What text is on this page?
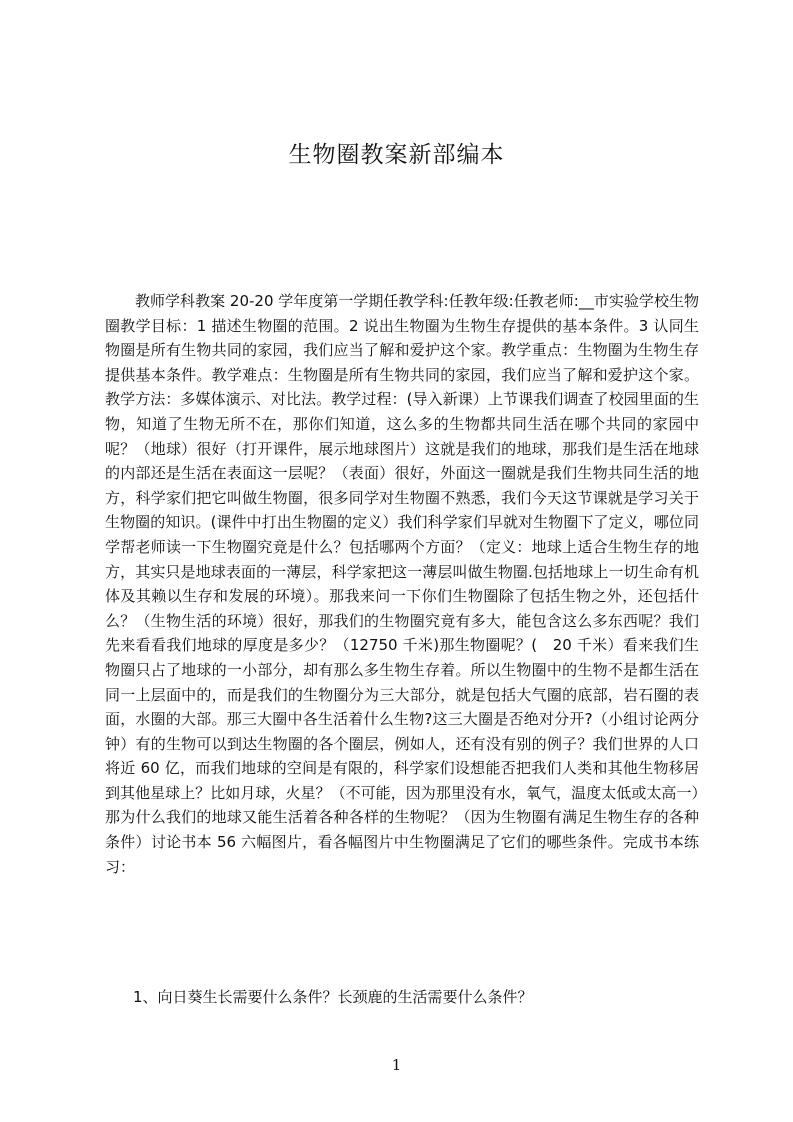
生物圈教案新部编本

教师学科教案 20-20 学年度第一学期任教学科:任教年级:任教老师:__市实验学校生物圈教学目标：1 描述生物圈的范围。2 说出生物圈为生物生存提供的基本条件。3 认同生物圈是所有生物共同的家园，我们应当了解和爱护这个家。教学重点：生物圈为生物生存提供基本条件。教学难点：生物圈是所有生物共同的家园，我们应当了解和爱护这个家。教学方法：多媒体演示、对比法。教学过程：(导入新课）上节课我们调查了校园里面的生物，知道了生物无所不在，那你们知道，这么多的生物都共同生活在哪个共同的家园中呢？（地球）很好（打开课件，展示地球图片）这就是我们的地球，那我们是生活在地球的内部还是生活在表面这一层呢？（表面）很好，外面这一圈就是我们生物共同生活的地方，科学家们把它叫做生物圈，很多同学对生物圈不熟悉，我们今天这节课就是学习关于生物圈的知识。(课件中打出生物圈的定义）我们科学家们早就对生物圈下了定义，哪位同学帮老师读一下生物圈究竟是什么？包括哪两个方面？（定义：地球上适合生物生存的地方，其实只是地球表面的一薄层，科学家把这一薄层叫做生物圈.包括地球上一切生命有机体及其赖以生存和发展的环境）。那我来问一下你们生物圈除了包括生物之外，还包括什么？（生物生活的环境）很好，那我们的生物圈究竟有多大，能包含这么多东西呢？我们先来看看我们地球的厚度是多少？（12750 千米)那生物圈呢？(　20 千米）看来我们生物圈只占了地球的一小部分，却有那么多生物生存着。所以生物圈中的生物不是都生活在同一上层面中的，而是我们的生物圈分为三大部分，就是包括大气圈的底部，岩石圈的表面，水圈的大部。那三大圈中各生活着什么生物?这三大圈是否绝对分开?（小组讨论两分钟）有的生物可以到达生物圈的各个圈层，例如人，还有没有别的例子？我们世界的人口将近 60 亿，而我们地球的空间是有限的，科学家们设想能否把我们人类和其他生物移居到其他星球上？比如月球，火星？（不可能，因为那里没有水，氧气，温度太低或太高一）那为什么我们的地球又能生活着各种各样的生物呢？（因为生物圈有满足生物生存的各种条件）讨论书本 56 六幅图片，看各幅图片中生物圈满足了它们的哪些条件。完成书本练习：

1、向日葵生长需要什么条件？长颈鹿的生活需要什么条件？

1
